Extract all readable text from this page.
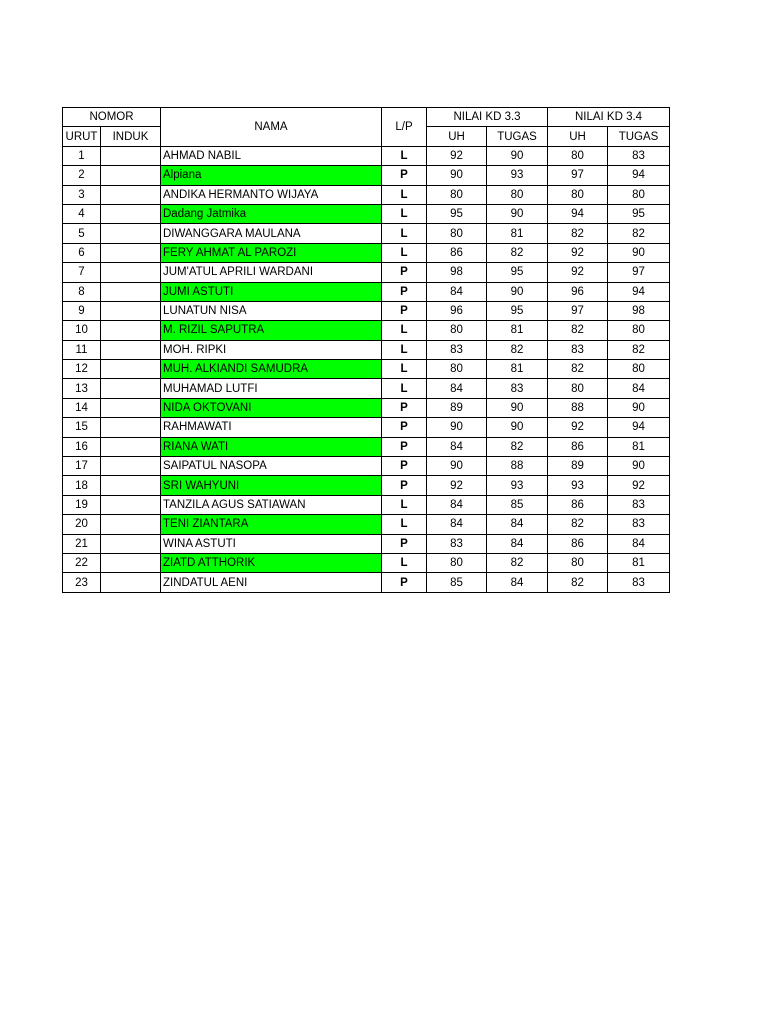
NOMOR		NAMA	L/P	NILAI KD 3.3		NILAI KD 3.4	
URUT	INDUK			UH	TUGAS	UH	TUGAS
1		AHMAD NABIL	L	92	90	80	83
2		Alpiana	P	90	93	97	94
3		ANDIKA HERMANTO WIJAYA	L	80	80	80	80
4		Dadang Jatmika	L	95	90	94	95
5		DIWANGGARA MAULANA	L	80	81	82	82
6		FERY AHMAT AL PAROZI	L	86	82	92	90
7		JUM'ATUL APRILI WARDANI	P	98	95	92	97
8		JUMI ASTUTI	P	84	90	96	94
9		LUNATUN NISA	P	96	95	97	98
10		M. RIZIL SAPUTRA	L	80	81	82	80
11		MOH. RIPKI	L	83	82	83	82
12		MUH. ALKIANDI SAMUDRA	L	80	81	82	80
13		MUHAMAD LUTFI	L	84	83	80	84
14		NIDA OKTOVANI	P	89	90	88	90
15		RAHMAWATI	P	90	90	92	94
16		RIANA WATI	P	84	82	86	81
17		SAIPATUL NASOPA	P	90	88	89	90
18		SRI WAHYUNI	P	92	93	93	92
19		TANZILA AGUS SATIAWAN	L	84	85	86	83
20		TENI ZIANTARA	L	84	84	82	83
21		WINA ASTUTI	P	83	84	86	84
22		ZIATD ATTHORIK	L	80	82	80	81
23		ZINDATUL AENI	P	85	84	82	83
